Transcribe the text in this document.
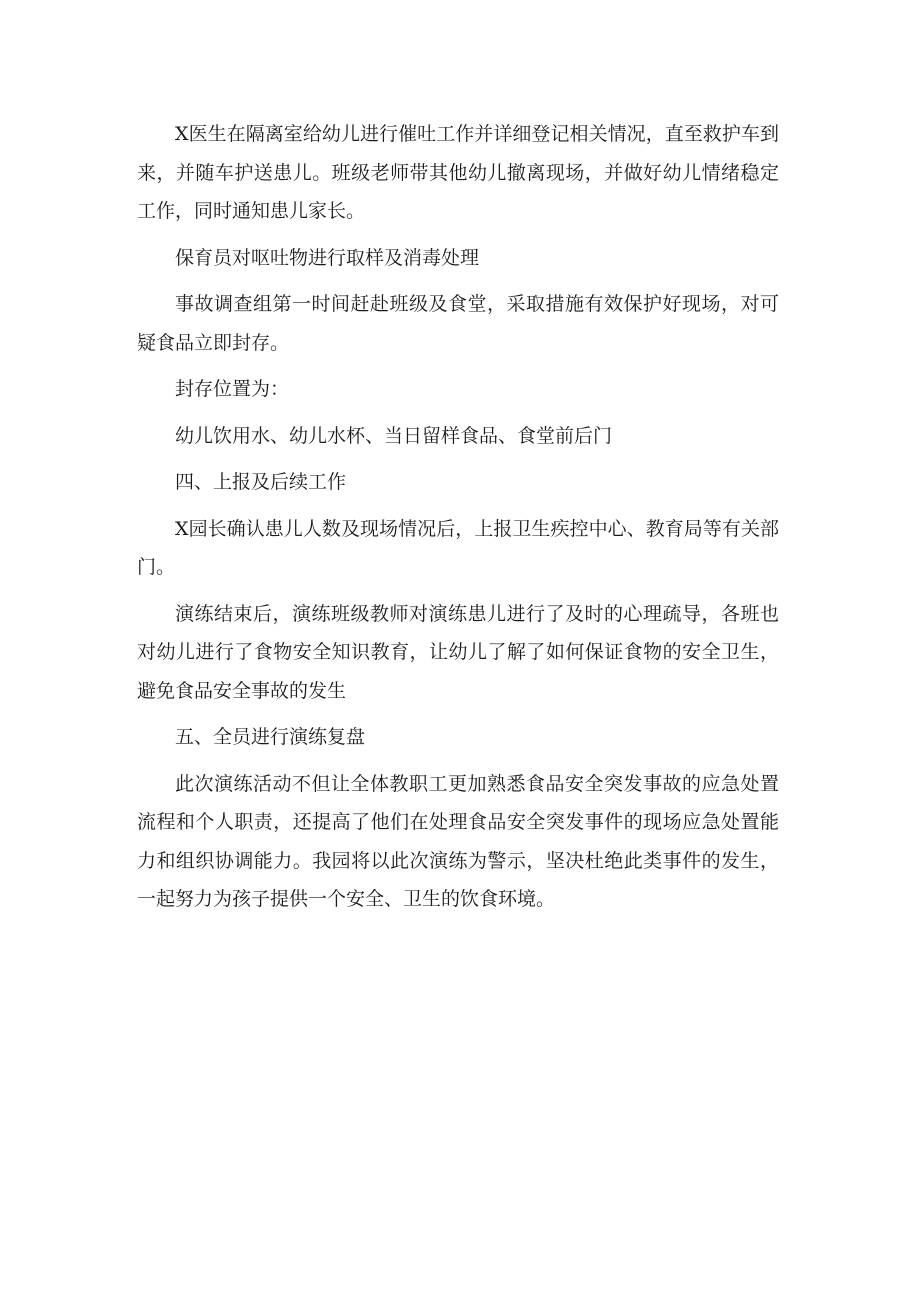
X医生在隔离室给幼儿进行催吐工作并详细登记相关情况，直至救护车到来，并随车护送患儿。班级老师带其他幼儿撤离现场，并做好幼儿情绪稳定工作，同时通知患儿家长。

保育员对呕吐物进行取样及消毒处理

事故调查组第一时间赶赴班级及食堂，采取措施有效保护好现场，对可疑食品立即封存。

封存位置为：

幼儿饮用水、幼儿水杯、当日留样食品、食堂前后门

四、上报及后续工作

X园长确认患儿人数及现场情况后，上报卫生疾控中心、教育局等有关部门。

演练结束后，演练班级教师对演练患儿进行了及时的心理疏导，各班也对幼儿进行了食物安全知识教育，让幼儿了解了如何保证食物的安全卫生，避免食品安全事故的发生

五、全员进行演练复盘

此次演练活动不但让全体教职工更加熟悉食品安全突发事故的应急处置流程和个人职责，还提高了他们在处理食品安全突发事件的现场应急处置能力和组织协调能力。我园将以此次演练为警示，坚决杜绝此类事件的发生，一起努力为孩子提供一个安全、卫生的饮食环境。
